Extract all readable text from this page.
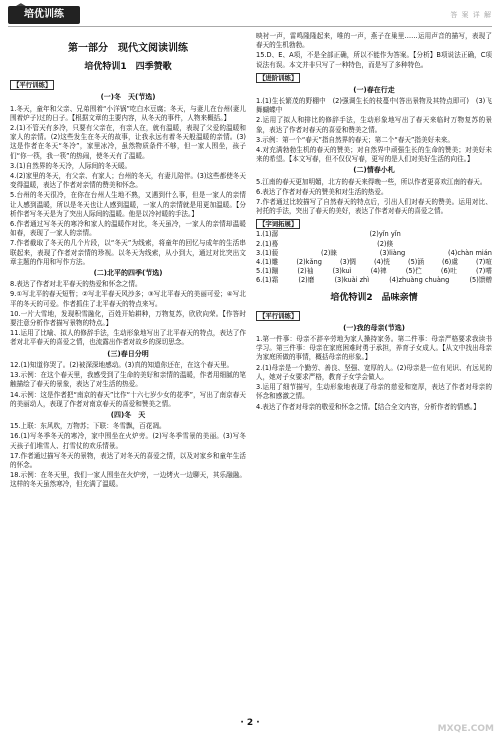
培优训练	答 案 详 解
第一部分　现代文阅读训练
培优特训1　四季赞歌
【平行训练】
(一)冬　天(节选)

1.冬天，童年和父亲、兄弟围着“小洋锅”吃白水豆腐；冬天，与妻儿在台州(妻儿围着炉子)过的日子。【根据文章的主要内容，从冬天的事件，人物来概括。】

2.(1)不管天有多冷，只要有父亲在，有亲人在，就有温暖，表现了父爱的温暖和家人的亲情。(2)这些发生在冬天的故事，让我永远有着冬天般温暖的亲情。(3)这是作者在冬天“冬冷”，家里冰冷，虽然物质条件不够，但一家人围坐，孩子们“你一筷，我一筷”的热闹，使冬天有了温暖。

3.(1)自然界的冬天冷，人际间的冬天暖。

4.(2)家里的冬天，有父亲、有家人；台州的冬天，有妻儿陪伴。(3)这些都使冬天变得温暖，表达了作者对亲情的赞美和怀念。

5.台州的冬天很冷，在你在台州人生地不熟，又遇到什么事，但是一家人的亲情让人感到温暖，所以是冬天也让人感到温暖，一家人的亲情就是用更加温暖。【分析作者写冬天是为了突出人际间的温暖。他是以冷衬暖的手法。】

6.作者通过写冬天的寒冷和家人的温暖作对比，冬天虽冷，一家人的亲情却温暖如春，表现了一家人的亲情。

7.作者截取了冬天的几个片段，以“冬天”为线索，将童年的回忆与成年的生活串联起来，表现了作者对亲情的珍视。以冬天为线索，从小到大，通过对比突出文章主题的作用和写作方法。

(二)北平的四季(节选)

8.表达了作者对北平春天的热爱和怀念之情。

9.①写北平的春天短暂；②写北平春天风沙多；③写北平春天的美丽可爱；④写北平的冬天的可爱。作者抓住了北平春天的特点来写。

10.一片大雪地，发现积雪融化，百姓开始耕种，万物复苏，欣欣向荣。【作答时要注意分析作者描写景物的特点。】

11.运用了比喻、拟人的修辞手法，生动形象地写出了北平春天的特点，表达了作者对北平春天的喜爱之情，也流露出作者对故乡的深切思念。

(三)春日分明

12.(1)知道你哭了。(2)被深深地感动。(3)真的知道你还在，在这个春天里。

13.示例：在这个春天里，我感受到了生命的美好和亲情的温暖，作者用细腻的笔触描绘了春天的景象，表达了对生活的热爱。

14.示例：这是作者把“南京的春天”比作“十六七岁少女的花季”，写出了南京春天的美丽动人，表现了作者对南京春天的喜爱和赞美之情。

(四)冬　天

15.上联：东风吹，万物苏；下联：冬雪飘，百花凋。

16.(1)写冬季冬天的寒冷，家中围坐在火炉旁。(2)写冬季雪景的美丽。(3)写冬天孩子们堆雪人、打雪仗的欢乐情景。

17.作者通过描写冬天的景物，表达了对冬天的喜爱之情，以及对家乡和童年生活的怀念。

18.示例：在冬天里，我们一家人围坐在火炉旁，一边烤火一边聊天，其乐融融。这样的冬天虽然寒冷，但充满了温暖。

映衬一声，雷鸣隆隆起来，唯的一声，燕子在巢里……运用声音的描写，表现了春天的生机勃勃。

15.D、E、A项，不是全部正确，所以不能作为答案。【分析】B项说法正确，C项说法有误。本文并非只写了一种特色，而是写了多种特色。

【进阶训练】
(一)春在行走

1.(1)生长繁茂的野棚中　(2)强调生长的枝蔓中(答出景物及其特点即可)　(3)飞舞蝴蝶中

2.运用了拟人和排比的修辞手法，生动形象地写出了春天来临时万物复苏的景象，表达了作者对春天的喜爱和赞美之情。

3.示例：第一个“春天”指自然界的春天；第二个“春天”指美好未来。

4.对充满勃勃生机的春天的赞美；对自然界中顽强生长的生命的赞美；对美好未来的希望。【本文写春，但不仅仅写春，更写的是人们对美好生活的向往。】

(二)情春小札

5.江南的春天更加明媚，北方的春天来得晚一些，所以作者更喜欢江南的春天。

6.表达了作者对春天的赞美和对生活的热爱。

7.作者通过比较描写了自然春天的特点后，引出人们对春天的赞美。运用对比、衬托的手法，突出了春天的美好，表达了作者对春天的喜爱之情。

【字词拓展】
1.(1)潺	(2)yǐn yǐn
2.(1)蓦	(2)倏
3.(1)藐	(2)睐	(3)liàng	(4)chàn mián
4.(1)雕	(2)kǎng	(3)惆	(4)恍	(5)涵	(6)虞	(7)喧
5.(1)蹦	(2)袖	(3)kuì	(4)裨	(5)伫	(6)吐	(7)嗜
6.(1)霜	(2)磨	(3)kuài zhì	(4)zhuàng chuàng	(5)馈赠
培优特训2　品味亲情
【平行训练】
(一)我的母亲(节选)

1.第一件事：母亲不辞辛劳地为家人操持家务。第二件事：母亲严格要求我读书学习。第三件事：母亲在家庭困难时勇于承担，养育子女成人。【从文中找出母亲为家庭所做的事情，概括母亲的形象。】

2.(1)母亲是一个勤劳、善良、坚强、宽厚的人。(2)母亲是一位有见识、有远见的人，她对子女要求严格，教育子女学会做人。

3.运用了细节描写，生动形象地表现了母亲的慈爱和宽厚，表达了作者对母亲的怀念和感激之情。

4.表达了作者对母亲的敬爱和怀念之情。【结合全文内容，分析作者的情感。】

· 2 ·
MXQE.COM
